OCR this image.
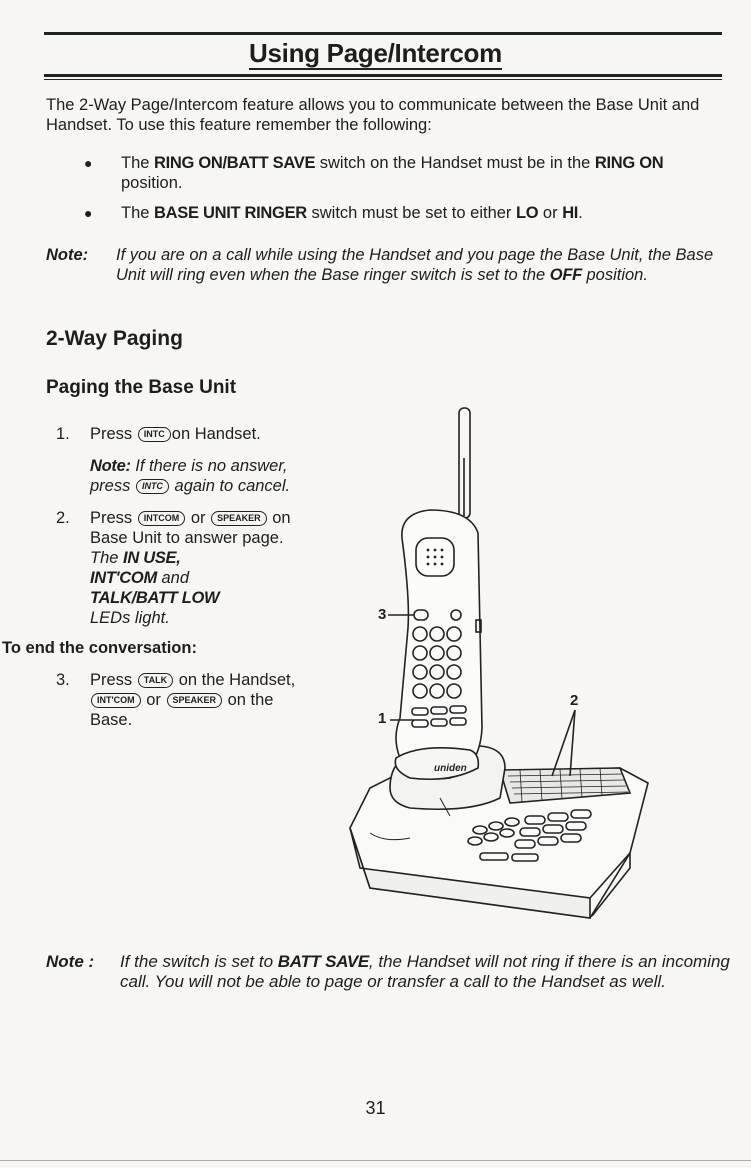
Using Page/Intercom
The 2-Way Page/Intercom feature allows you to communicate between the Base Unit and Handset. To use this feature remember the following:
● The RING ON/BATT SAVE switch on the Handset must be in the RING ON position.
● The BASE UNIT RINGER switch must be set to either LO or HI.
Note: If you are on a call while using the Handset and you page the Base Unit, the Base Unit will ring even when the Base ringer switch is set to the OFF position.
2-Way Paging
Paging the Base Unit
1. Press INTC on Handset.
Note: If there is no answer, press INTC again to cancel.
2. Press INTCOM or SPEAKER on Base Unit to answer page.
The IN USE,
INT'COM and
TALK/BATT LOW
LEDs light.
To end the conversation:
3. Press TALK on the Handset, INT'COM or SPEAKER on the Base.
uniden
3
1
2
Note : If the switch is set to BATT SAVE, the Handset will not ring if there is an incoming call. You will not be able to page or transfer a call to the Handset as well.
31
